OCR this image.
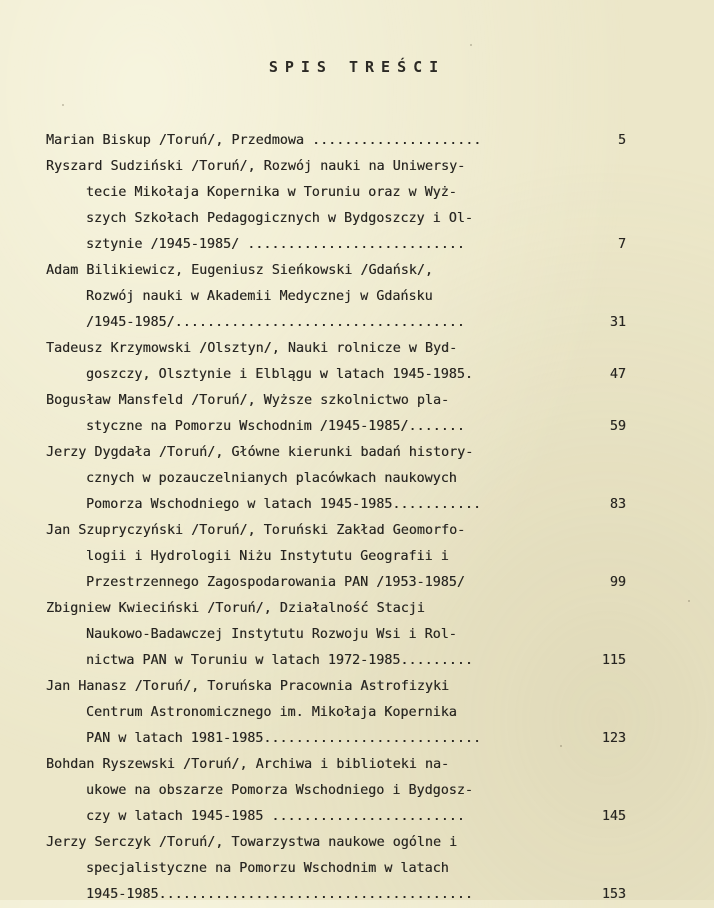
SPIS TREŚCI
Marian Biskup /Toruń/, Przedmowa .....................	5
Ryszard Sudziński /Toruń/, Rozwój nauki na Uniwersy-
tecie Mikołaja Kopernika w Toruniu oraz w Wyż-
szych Szkołach Pedagogicznych w Bydgoszczy i Ol-
sztynie /1945-1985/ ...........................	7
Adam Bilikiewicz, Eugeniusz Sieńkowski /Gdańsk/,
Rozwój nauki w Akademii Medycznej w Gdańsku
/1945-1985/....................................	31
Tadeusz Krzymowski /Olsztyn/, Nauki rolnicze w Byd-
goszczy, Olsztynie i Elblągu w latach 1945-1985.	47
Bogusław Mansfeld /Toruń/, Wyższe szkolnictwo pla-
styczne na Pomorzu Wschodnim /1945-1985/.......	59
Jerzy Dygdała /Toruń/, Główne kierunki badań history-
cznych w pozauczelnianych placówkach naukowych
Pomorza Wschodniego w latach 1945-1985...........	83
Jan Szupryczyński /Toruń/, Toruński Zakład Geomorfo-
logii i Hydrologii Niżu Instytutu Geografii i
Przestrzennego Zagospodarowania PAN /1953-1985/	99
Zbigniew Kwieciński /Toruń/, Działalność Stacji
Naukowo-Badawczej Instytutu Rozwoju Wsi i Rol-
nictwa PAN w Toruniu w latach 1972-1985.........	115
Jan Hanasz /Toruń/, Toruńska Pracownia Astrofizyki
Centrum Astronomicznego im. Mikołaja Kopernika
PAN w latach 1981-1985...........................	123
Bohdan Ryszewski /Toruń/, Archiwa i biblioteki na-
ukowe na obszarze Pomorza Wschodniego i Bydgosz-
czy w latach 1945-1985 ........................	145
Jerzy Serczyk /Toruń/, Towarzystwa naukowe ogólne i
specjalistyczne na Pomorzu Wschodnim w latach
1945-1985.......................................	153
